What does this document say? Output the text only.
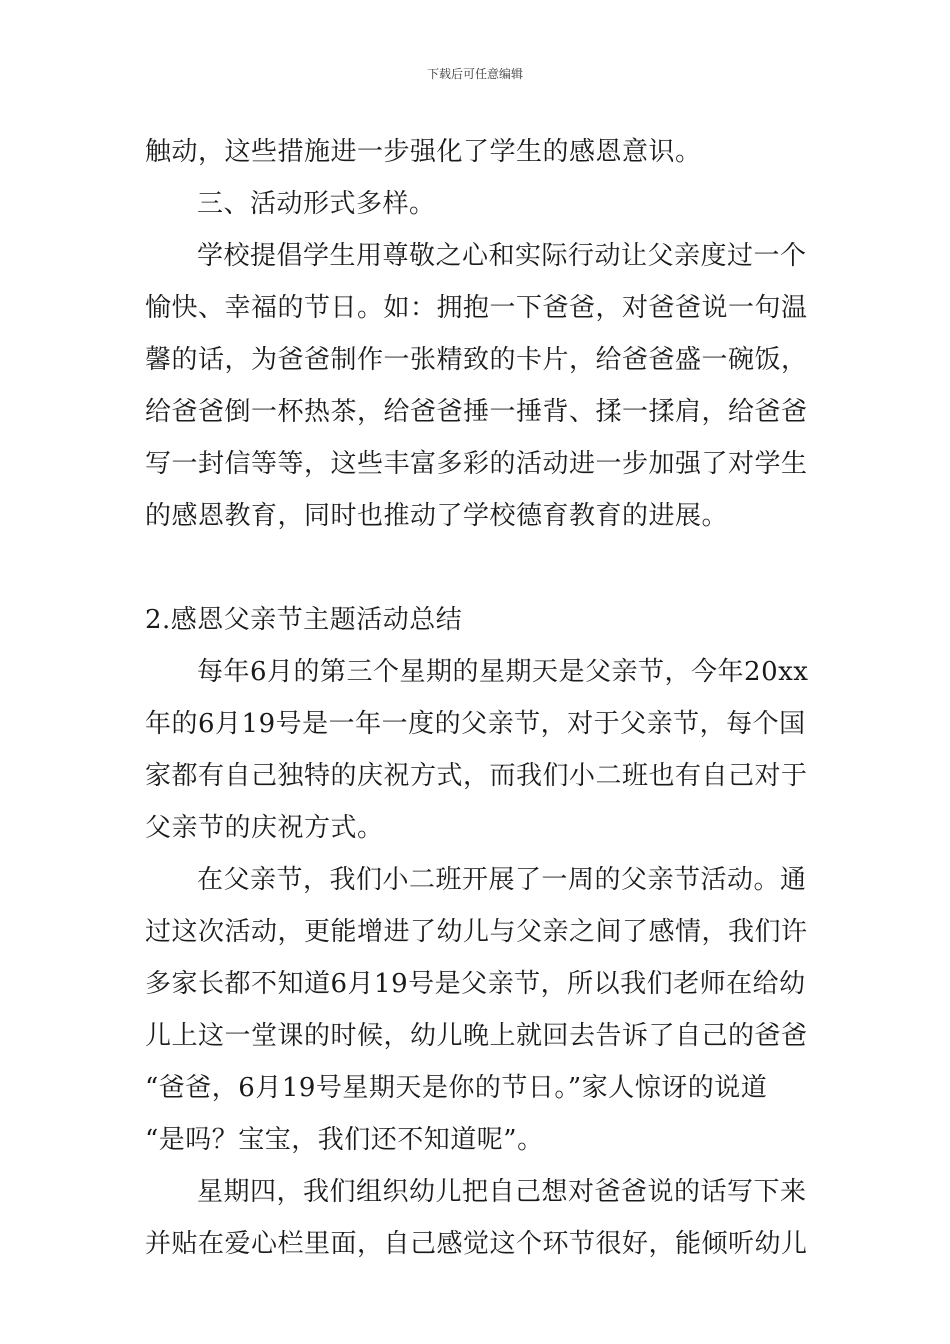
下载后可任意编辑
触动，这些措施进一步强化了学生的感恩意识。
三、活动形式多样。
学校提倡学生用尊敬之心和实际行动让父亲度过一个
愉快、幸福的节日。如：拥抱一下爸爸，对爸爸说一句温
馨的话，为爸爸制作一张精致的卡片，给爸爸盛一碗饭，
给爸爸倒一杯热茶，给爸爸捶一捶背、揉一揉肩，给爸爸
写一封信等等，这些丰富多彩的活动进一步加强了对学生
的感恩教育，同时也推动了学校德育教育的进展。
2.感恩父亲节主题活动总结
每年6月的第三个星期的星期天是父亲节，今年20xx
年的6月19号是一年一度的父亲节，对于父亲节，每个国
家都有自己独特的庆祝方式，而我们小二班也有自己对于
父亲节的庆祝方式。
在父亲节，我们小二班开展了一周的父亲节活动。通
过这次活动，更能增进了幼儿与父亲之间了感情，我们许
多家长都不知道6月19号是父亲节，所以我们老师在给幼
儿上这一堂课的时候，幼儿晚上就回去告诉了自己的爸爸
“爸爸，6月19号星期天是你的节日。”家人惊讶的说道
“是吗？宝宝，我们还不知道呢”。
星期四，我们组织幼儿把自己想对爸爸说的话写下来
并贴在爱心栏里面，自己感觉这个环节很好，能倾听幼儿
